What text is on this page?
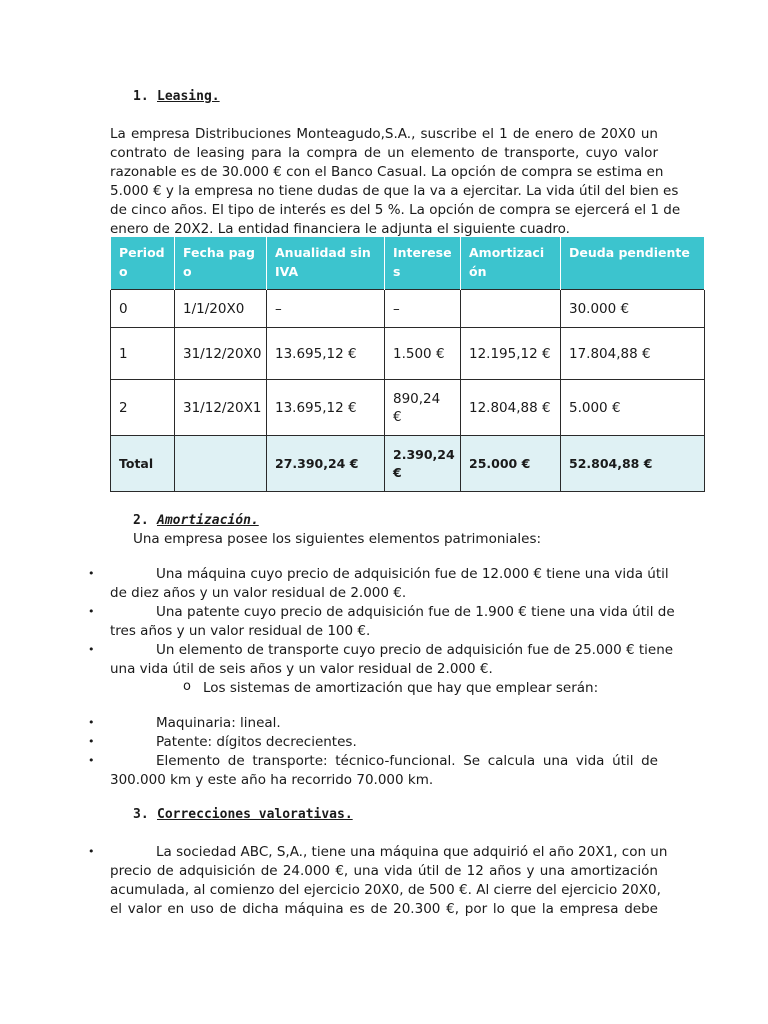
1. Leasing.
La empresa Distribuciones Monteagudo,S.A., suscribe el 1 de enero de 20X0 un
contrato de leasing para la compra de un elemento de transporte, cuyo valor
razonable es de 30.000 € con el Banco Casual. La opción de compra se estima en
5.000 € y la empresa no tiene dudas de que la va a ejercitar. La vida útil del bien es
de cinco años. El tipo de interés es del 5 %. La opción de compra se ejercerá el 1 de
enero de 20X2. La entidad financiera le adjunta el siguiente cuadro.
Periodo	Fecha pago	Anualidad sin IVA	Intereses	Amortización	Deuda pendiente
0	1/1/20X0	–	–		30.000 €
1	31/12/20X0	13.695,12 €	1.500 €	12.195,12 €	17.804,88 €
2	31/12/20X1	13.695,12 €	890,24 €	12.804,88 €	5.000 €
Total		27.390,24 €	2.390,24 €	25.000 €	52.804,88 €
2. Amortización.
Una empresa posee los siguientes elementos patrimoniales:
•	Una máquina cuyo precio de adquisición fue de 12.000 € tiene una vida útil
de diez años y un valor residual de 2.000 €.
•	Una patente cuyo precio de adquisición fue de 1.900 € tiene una vida útil de
tres años y un valor residual de 100 €.
•	Un elemento de transporte cuyo precio de adquisición fue de 25.000 € tiene
una vida útil de seis años y un valor residual de 2.000 €.
o Los sistemas de amortización que hay que emplear serán:
•	Maquinaria: lineal.
•	Patente: dígitos decrecientes.
•	Elemento de transporte: técnico-funcional. Se calcula una vida útil de
300.000 km y este año ha recorrido 70.000 km.
3. Correcciones valorativas.
•	La sociedad ABC, S,A., tiene una máquina que adquirió el año 20X1, con un
precio de adquisición de 24.000 €, una vida útil de 12 años y una amortización
acumulada, al comienzo del ejercicio 20X0, de 500 €. Al cierre del ejercicio 20X0,
el valor en uso de dicha máquina es de 20.300 €, por lo que la empresa debe
